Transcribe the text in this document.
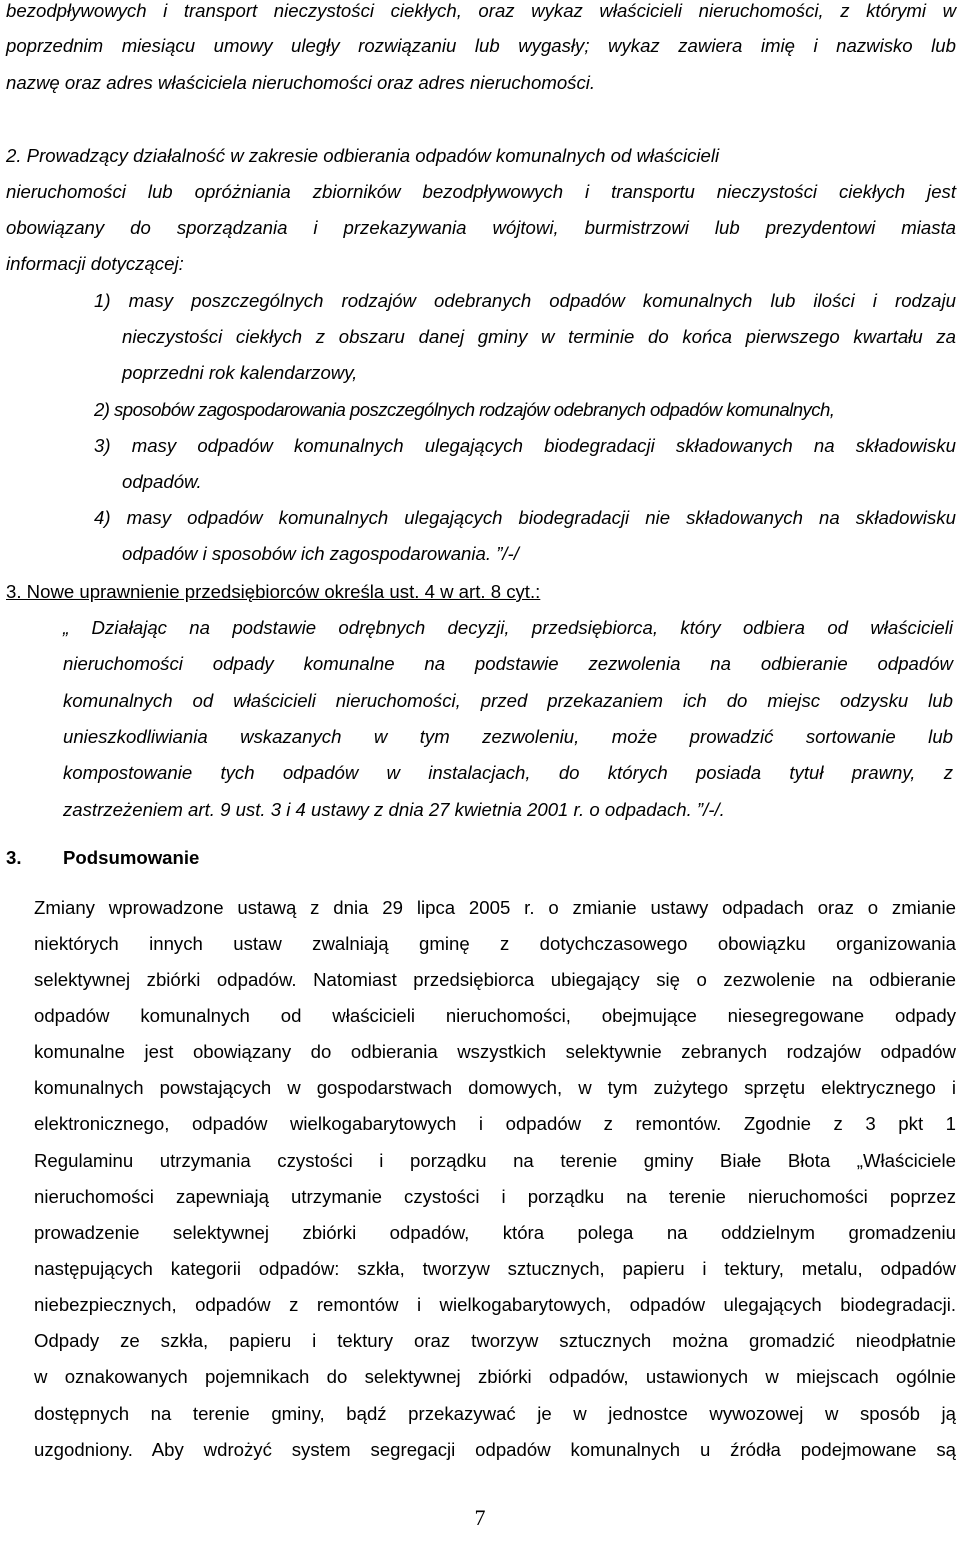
bezodpływowych i transport nieczystości ciekłych, oraz wykaz właścicieli nieruchomości, z którymi w
poprzednim miesiącu umowy uległy rozwiązaniu lub wygasły; wykaz zawiera imię i nazwisko lub
nazwę oraz adres właściciela nieruchomości oraz adres nieruchomości.
2. Prowadzący działalność w zakresie odbierania odpadów komunalnych od właścicieli
nieruchomości lub opróżniania zbiorników bezodpływowych i transportu nieczystości ciekłych jest
obowiązany do sporządzania i przekazywania wójtowi, burmistrzowi lub prezydentowi miasta
informacji dotyczącej:
1) masy poszczególnych rodzajów odebranych odpadów komunalnych lub ilości i rodzaju
nieczystości ciekłych z obszaru danej gminy w terminie do końca pierwszego kwartału za
poprzedni rok kalendarzowy,
2) sposobów zagospodarowania poszczególnych rodzajów odebranych odpadów komunalnych,
3) masy odpadów komunalnych ulegających biodegradacji składowanych na składowisku
odpadów.
4) masy odpadów komunalnych ulegających biodegradacji nie składowanych na składowisku
odpadów i sposobów ich zagospodarowania. ”/-/
3. Nowe uprawnienie przedsiębiorców określa ust. 4 w art. 8 cyt.:
„ Działając na podstawie odrębnych decyzji, przedsiębiorca, który odbiera od właścicieli
nieruchomości odpady komunalne na podstawie zezwolenia na odbieranie odpadów
komunalnych od właścicieli nieruchomości, przed przekazaniem ich do miejsc odzysku lub
unieszkodliwiania wskazanych w tym zezwoleniu, może prowadzić sortowanie lub
kompostowanie tych odpadów w instalacjach, do których posiada tytuł prawny, z
zastrzeżeniem art. 9 ust. 3 i 4 ustawy z dnia 27 kwietnia 2001 r. o odpadach. ”/-/.
3. Podsumowanie
Zmiany wprowadzone ustawą z dnia 29 lipca 2005 r. o zmianie ustawy odpadach oraz o zmianie
niektórych innych ustaw zwalniają gminę z dotychczasowego obowiązku organizowania
selektywnej zbiórki odpadów. Natomiast przedsiębiorca ubiegający się o zezwolenie na odbieranie
odpadów komunalnych od właścicieli nieruchomości, obejmujące niesegregowane odpady
komunalne jest obowiązany do odbierania wszystkich selektywnie zebranych rodzajów odpadów
komunalnych powstających w gospodarstwach domowych, w tym zużytego sprzętu elektrycznego i
elektronicznego, odpadów wielkogabarytowych i odpadów z remontów. Zgodnie z 3 pkt 1
Regulaminu utrzymania czystości i porządku na terenie gminy Białe Błota „Właściciele
nieruchomości zapewniają utrzymanie czystości i porządku na terenie nieruchomości poprzez
prowadzenie selektywnej zbiórki odpadów, która polega na oddzielnym gromadzeniu
następujących kategorii odpadów: szkła, tworzyw sztucznych, papieru i tektury, metalu, odpadów
niebezpiecznych, odpadów z remontów i wielkogabarytowych, odpadów ulegających biodegradacji.
Odpady ze szkła, papieru i tektury oraz tworzyw sztucznych można gromadzić nieodpłatnie
w oznakowanych pojemnikach do selektywnej zbiórki odpadów, ustawionych w miejscach ogólnie
dostępnych na terenie gminy, bądź przekazywać je w jednostce wywozowej w sposób ją
uzgodniony. Aby wdrożyć system segregacji odpadów komunalnych u źródła podejmowane są
7
